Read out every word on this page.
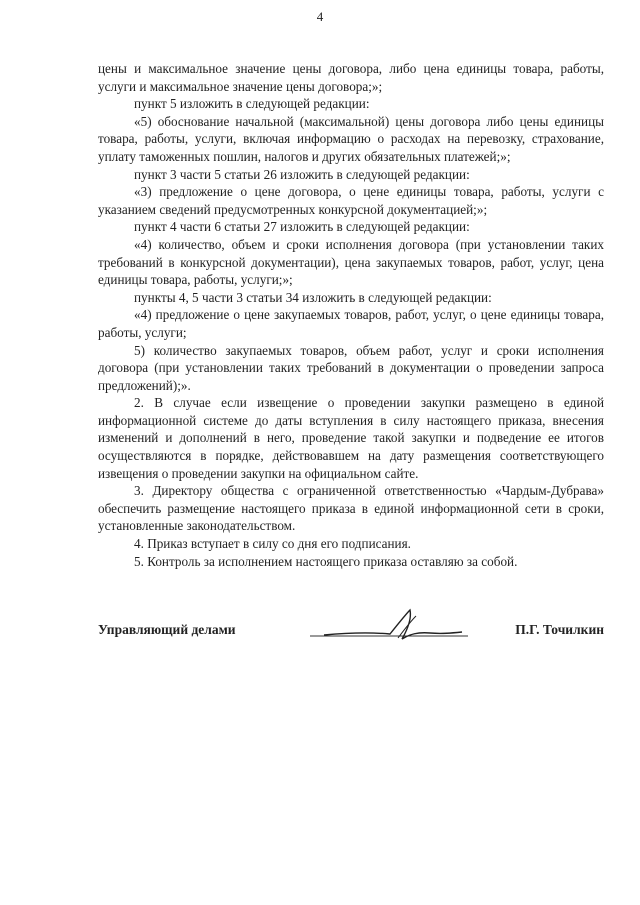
4

цены и максимальное значение цены договора, либо цена единицы товара, работы, услуги и максимальное значение цены договора;»;

пункт 5 изложить в следующей редакции:

«5) обоснование начальной (максимальной) цены договора либо цены единицы товара, работы, услуги, включая информацию о расходах на перевозку, страхование, уплату таможенных пошлин, налогов и других обязательных платежей;»;

пункт 3 части 5 статьи 26 изложить в следующей редакции:

«3) предложение о цене договора, о цене единицы товара, работы, услуги с указанием сведений предусмотренных конкурсной документацией;»;

пункт 4 части 6 статьи 27 изложить в следующей редакции:

«4) количество, объем и сроки исполнения договора (при установлении таких требований в конкурсной документации), цена закупаемых товаров, работ, услуг, цена единицы товара, работы, услуги;»;

пункты 4, 5 части 3 статьи 34 изложить в следующей редакции:

«4) предложение о цене закупаемых товаров, работ, услуг, о цене единицы товара, работы, услуги;

5) количество закупаемых товаров, объем работ, услуг и сроки исполнения договора (при установлении таких требований в документации о проведении запроса предложений);».

2. В случае если извещение о проведении закупки размещено в единой информационной системе до даты вступления в силу настоящего приказа, внесения изменений и дополнений в него, проведение такой закупки и подведение ее итогов осуществляются в порядке, действовавшем на дату размещения соответствующего извещения о проведении закупки на официальном сайте.

3. Директору общества с ограниченной ответственностью «Чардым-Дубрава» обеспечить размещение настоящего приказа в единой информационной сети в сроки, установленные законодательством.

4. Приказ вступает в силу со дня его подписания.

5. Контроль за исполнением настоящего приказа оставляю за собой.

Управляющий делами	П.Г. Точилкин
